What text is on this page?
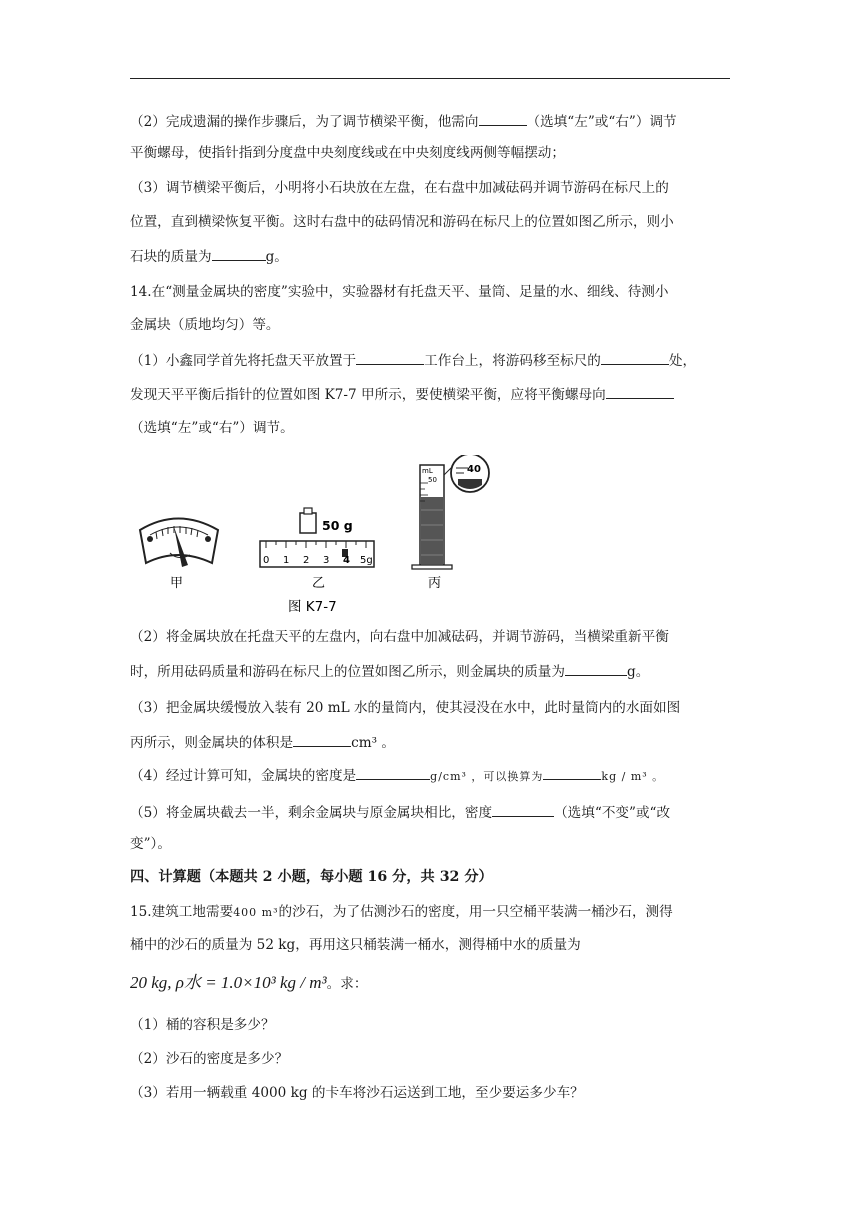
（2）完成遗漏的操作步骤后，为了调节横梁平衡，他需向	（选填“左”或“右”）调节
平衡螺母，使指针指到分度盘中央刻度线或在中央刻度线两侧等幅摆动；
（3）调节横梁平衡后，小明将小石块放在左盘，在右盘中加减砝码并调节游码在标尺上的
位置，直到横梁恢复平衡。这时右盘中的砝码情况和游码在标尺上的位置如图乙所示，则小
石块的质量为	g。
14.在“测量金属块的密度”实验中，实验器材有托盘天平、量筒、足量的水、细线、待测小
金属块（质地均匀）等。
（1）小鑫同学首先将托盘天平放置于	工作台上，将游码移至标尺的	处，
发现天平平衡后指针的位置如图 K7-7 甲所示，要使横梁平衡，应将平衡螺母向
（选填“左”或“右”）调节。
甲
50 g
0 1 2 3 4 5g
乙
mL
50
40
丙
图 K7-7
（2）将金属块放在托盘天平的左盘内，向右盘中加减砝码，并调节游码，当横梁重新平衡
时，所用砝码质量和游码在标尺上的位置如图乙所示，则金属块的质量为	g。
（3）把金属块缓慢放入装有 20 mL 水的量筒内，使其浸没在水中，此时量筒内的水面如图
丙所示，则金属块的体积是	cm³ 。
（4）经过计算可知，金属块的密度是	g/cm³ ，可以换算为	kg / m³ 。
（5）将金属块截去一半，剩余金属块与原金属块相比，密度	（选填“不变”或“改
变”）。
四、计算题（本题共 2 小题，每小题 16 分，共 32 分）
15.建筑工地需要400 m³的沙石，为了估测沙石的密度，用一只空桶平装满一桶沙石，测得
桶中的沙石的质量为 52 kg，再用这只桶装满一桶水，测得桶中水的质量为
20 kg, ρ水 = 1.0×10³ kg / m³。求：
（1）桶的容积是多少？
（2）沙石的密度是多少？
（3）若用一辆载重 4000 kg 的卡车将沙石运送到工地，至少要运多少车？
